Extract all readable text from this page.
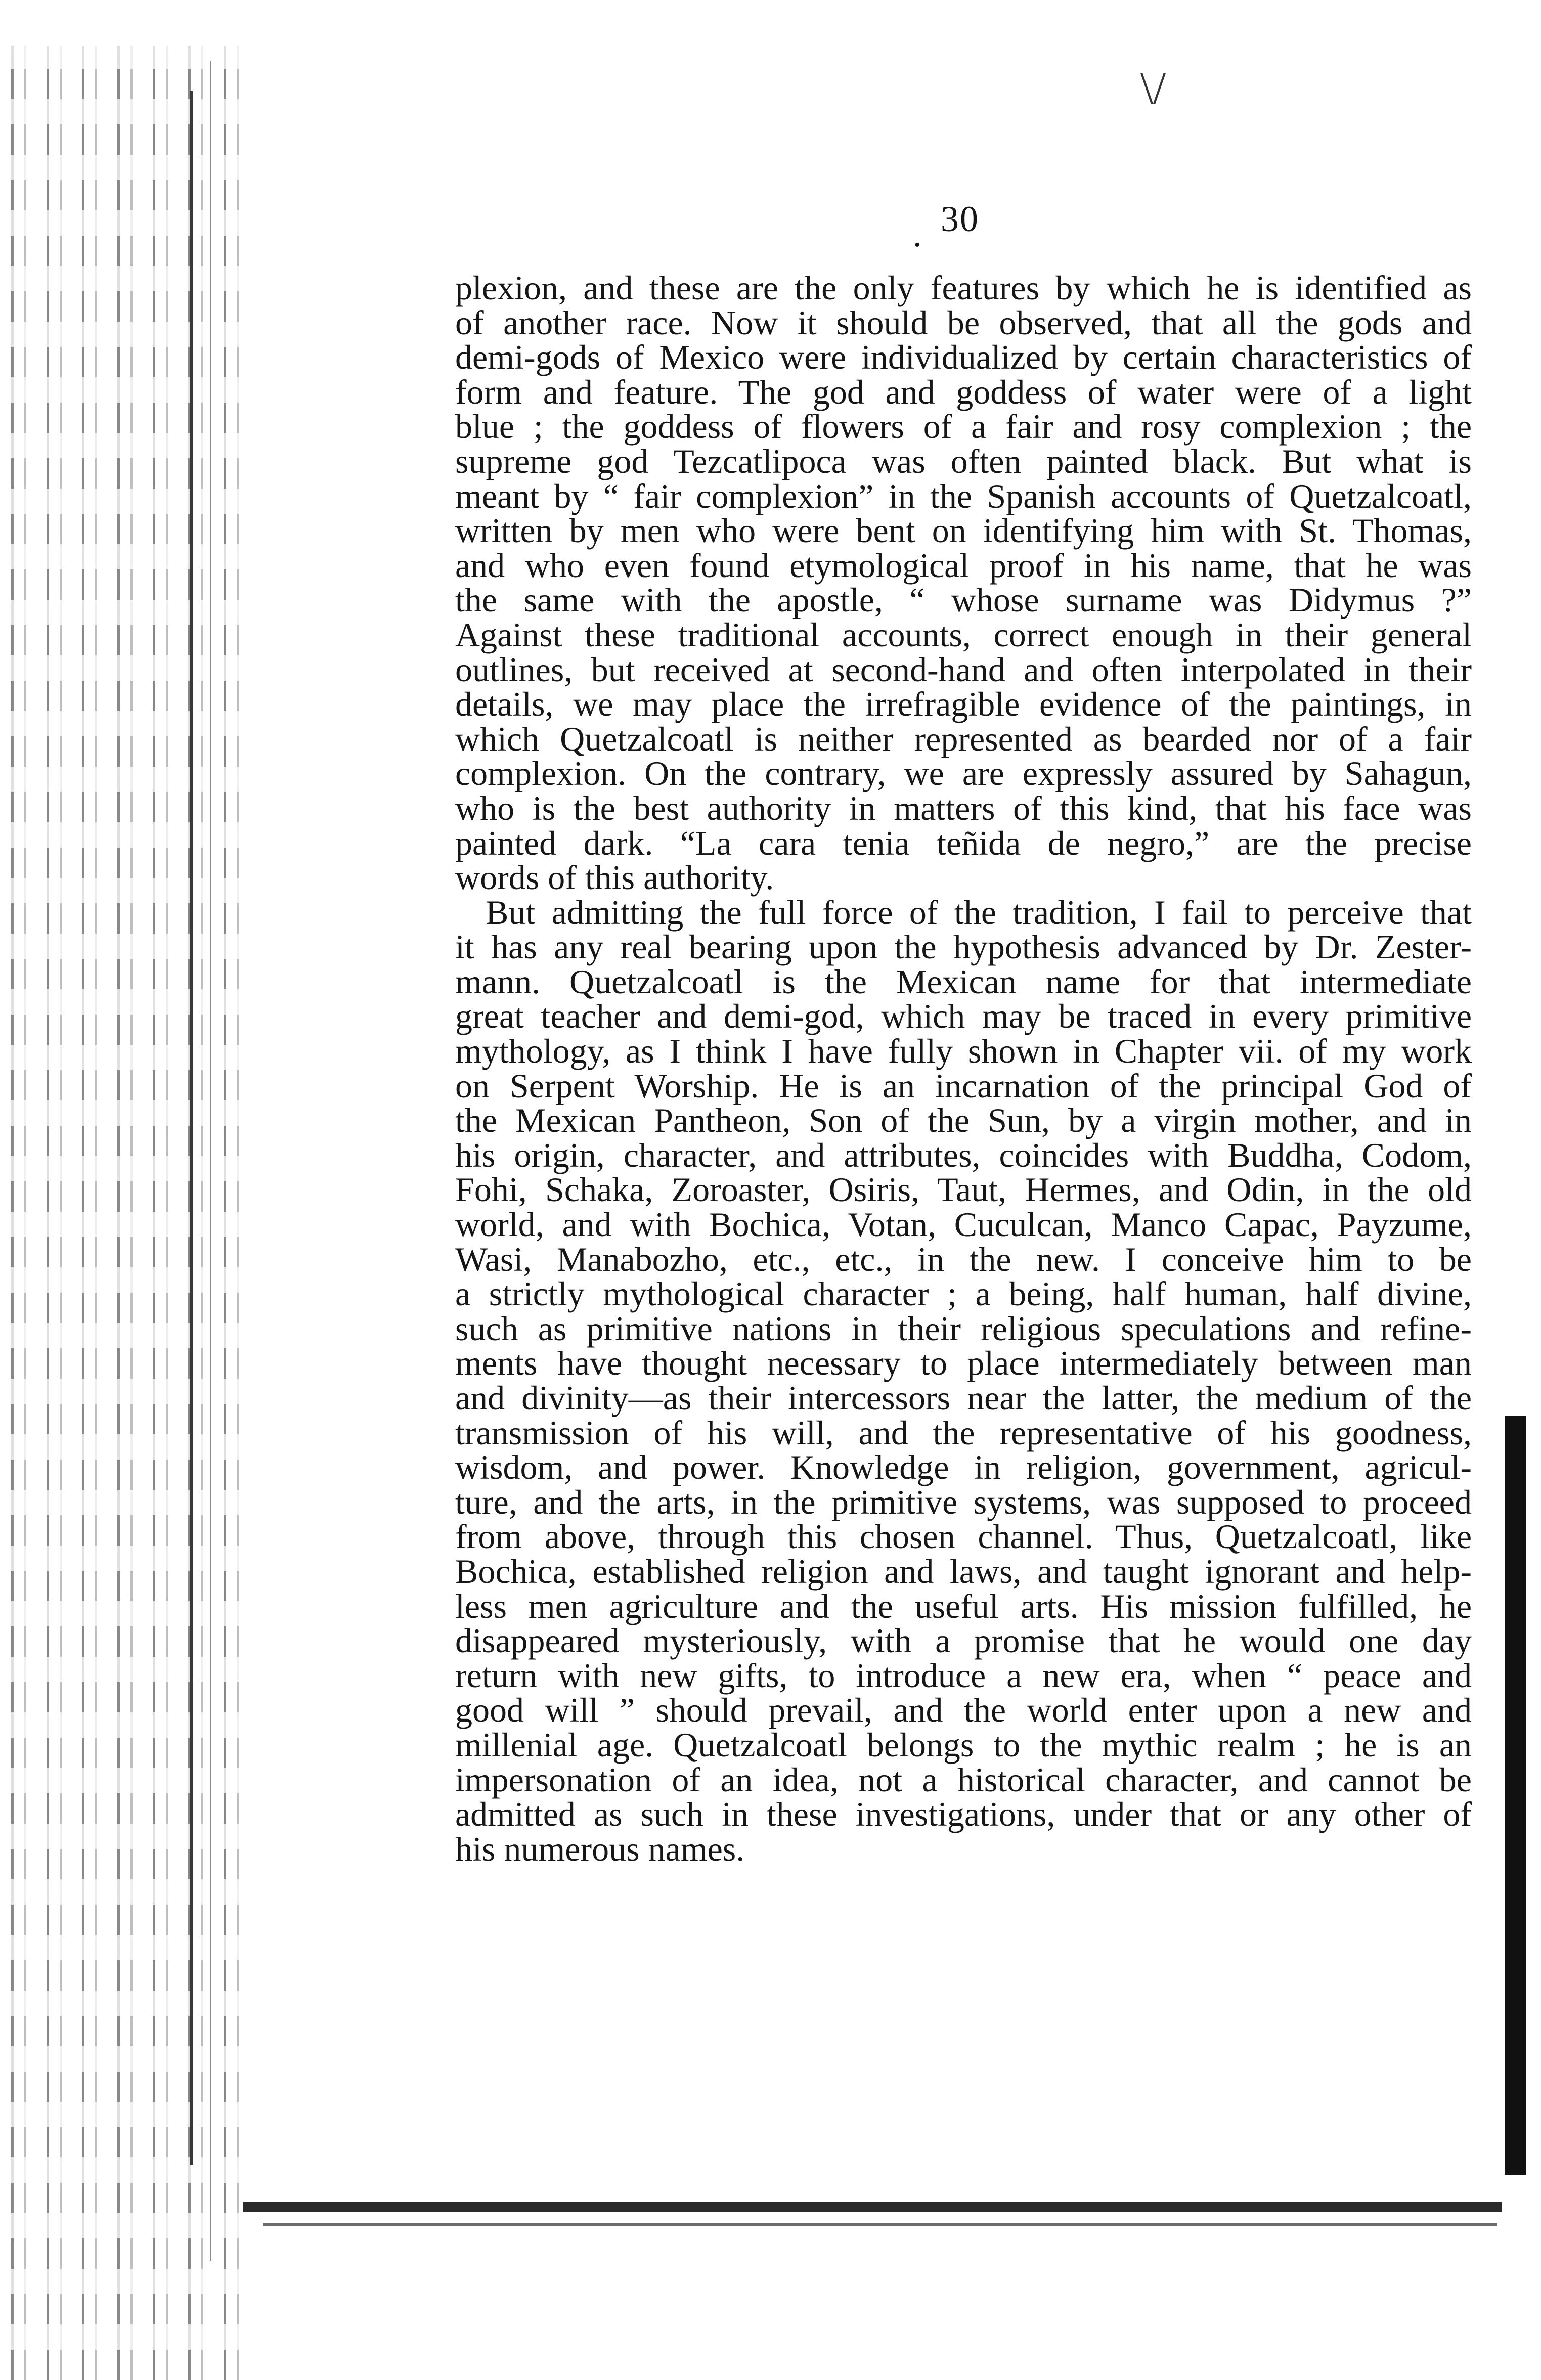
\/
. 30

plexion, and these are the only features by which he is identified as
of another race. Now it should be observed, that all the gods and
demi-gods of Mexico were individualized by certain characteristics of
form and feature. The god and goddess of water were of a light
blue ; the goddess of flowers of a fair and rosy complexion ; the
supreme god Tezcatlipoca was often painted black. But what is
meant by “ fair complexion” in the Spanish accounts of Quetzalcoatl,
written by men who were bent on identifying him with St. Thomas,
and who even found etymological proof in his name, that he was
the same with the apostle, “ whose surname was Didymus ?”
Against these traditional accounts, correct enough in their general
outlines, but received at second-hand and often interpolated in their
details, we may place the irrefragible evidence of the paintings, in
which Quetzalcoatl is neither represented as bearded nor of a fair
complexion. On the contrary, we are expressly assured by Sahagun,
who is the best authority in matters of this kind, that his face was
painted dark. “La cara tenia teñida de negro,” are the precise
words of this authority.

But admitting the full force of the tradition, I fail to perceive that
it has any real bearing upon the hypothesis advanced by Dr. Zester-
mann. Quetzalcoatl is the Mexican name for that intermediate
great teacher and demi-god, which may be traced in every primitive
mythology, as I think I have fully shown in Chapter vii. of my work
on Serpent Worship. He is an incarnation of the principal God of
the Mexican Pantheon, Son of the Sun, by a virgin mother, and in
his origin, character, and attributes, coincides with Buddha, Codom,
Fohi, Schaka, Zoroaster, Osiris, Taut, Hermes, and Odin, in the old
world, and with Bochica, Votan, Cuculcan, Manco Capac, Payzume,
Wasi, Manabozho, etc., etc., in the new. I conceive him to be
a strictly mythological character ; a being, half human, half divine,
such as primitive nations in their religious speculations and refine-
ments have thought necessary to place intermediately between man
and divinity—as their intercessors near the latter, the medium of the
transmission of his will, and the representative of his goodness,
wisdom, and power. Knowledge in religion, government, agricul-
ture, and the arts, in the primitive systems, was supposed to proceed
from above, through this chosen channel. Thus, Quetzalcoatl, like
Bochica, established religion and laws, and taught ignorant and help-
less men agriculture and the useful arts. His mission fulfilled, he
disappeared mysteriously, with a promise that he would one day
return with new gifts, to introduce a new era, when “ peace and
good will ” should prevail, and the world enter upon a new and
millenial age. Quetzalcoatl belongs to the mythic realm ; he is an
impersonation of an idea, not a historical character, and cannot be
admitted as such in these investigations, under that or any other of
his numerous names.
